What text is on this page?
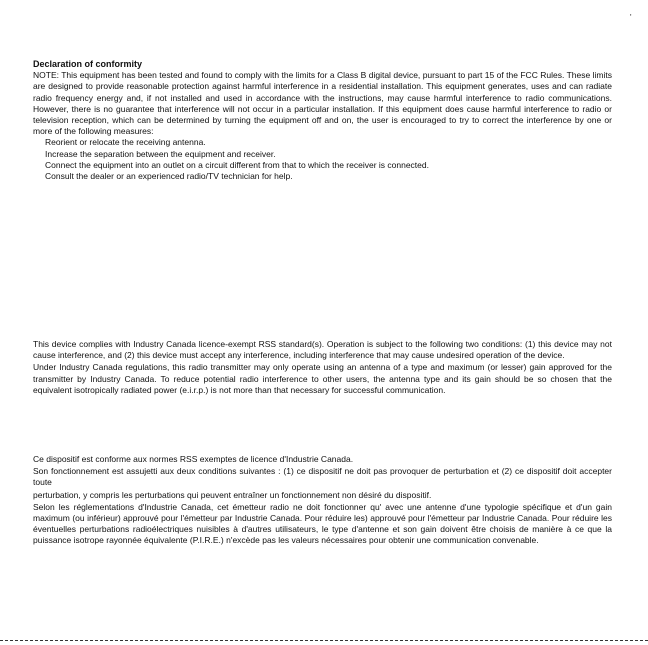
'
Declaration of conformity
NOTE: This equipment has been tested and found to comply with the limits for a Class B digital device, pursuant to part 15 of the FCC Rules. These limits are designed to provide reasonable protection against harmful interference in a residential installation. This equipment generates, uses and can radiate radio frequency energy and, if not installed and used in accordance with the instructions, may cause harmful interference to radio communications. However, there is no guarantee that interference will not occur in a particular installation. If this equipment does cause harmful interference to radio or television reception, which can be determined by turning the equipment off and on, the user is encouraged to try to correct the interference by one or more of the following measures:
Reorient or relocate the receiving antenna.
Increase the separation between the equipment and receiver.
Connect the equipment into an outlet on a circuit different from that to which the receiver is connected.
Consult the dealer or an experienced radio/TV technician for help.
This device complies with Industry Canada licence-exempt RSS standard(s). Operation is subject to the following two conditions: (1) this device may not cause interference, and (2) this device must accept any interference, including interference that may cause undesired operation of the device.
Under Industry Canada regulations, this radio transmitter may only operate using an antenna of a type and maximum (or lesser) gain approved for the transmitter by Industry Canada. To reduce potential radio interference to other users, the antenna type and its gain should be so chosen that the equivalent isotropically radiated power (e.i.r.p.) is not more than that necessary for successful communication.
Ce dispositif est conforme aux normes RSS exemptes de licence d'Industrie Canada.
Son fonctionnement est assujetti aux deux conditions suivantes : (1) ce dispositif ne doit pas provoquer de perturbation et (2) ce dispositif doit accepter toute
perturbation, y compris les perturbations qui peuvent entraîner un fonctionnement non désiré du dispositif.
Selon les réglementations d'Industrie Canada, cet émetteur radio ne doit fonctionner qu' avec une antenne d'une typologie spécifique et d'un gain maximum (ou inférieur) approuvé pour l'émetteur par Industrie Canada. Pour réduire les) approuvé pour l'émetteur par Industrie Canada. Pour réduire les éventuelles perturbations radioélectriques nuisibles à d'autres utilisateurs, le type d'antenne et son gain doivent être choisis de manière à ce que la puissance isotrope rayonnée équivalente (P.I.R.E.) n'excède pas les valeurs nécessaires pour obtenir une communication convenable.
